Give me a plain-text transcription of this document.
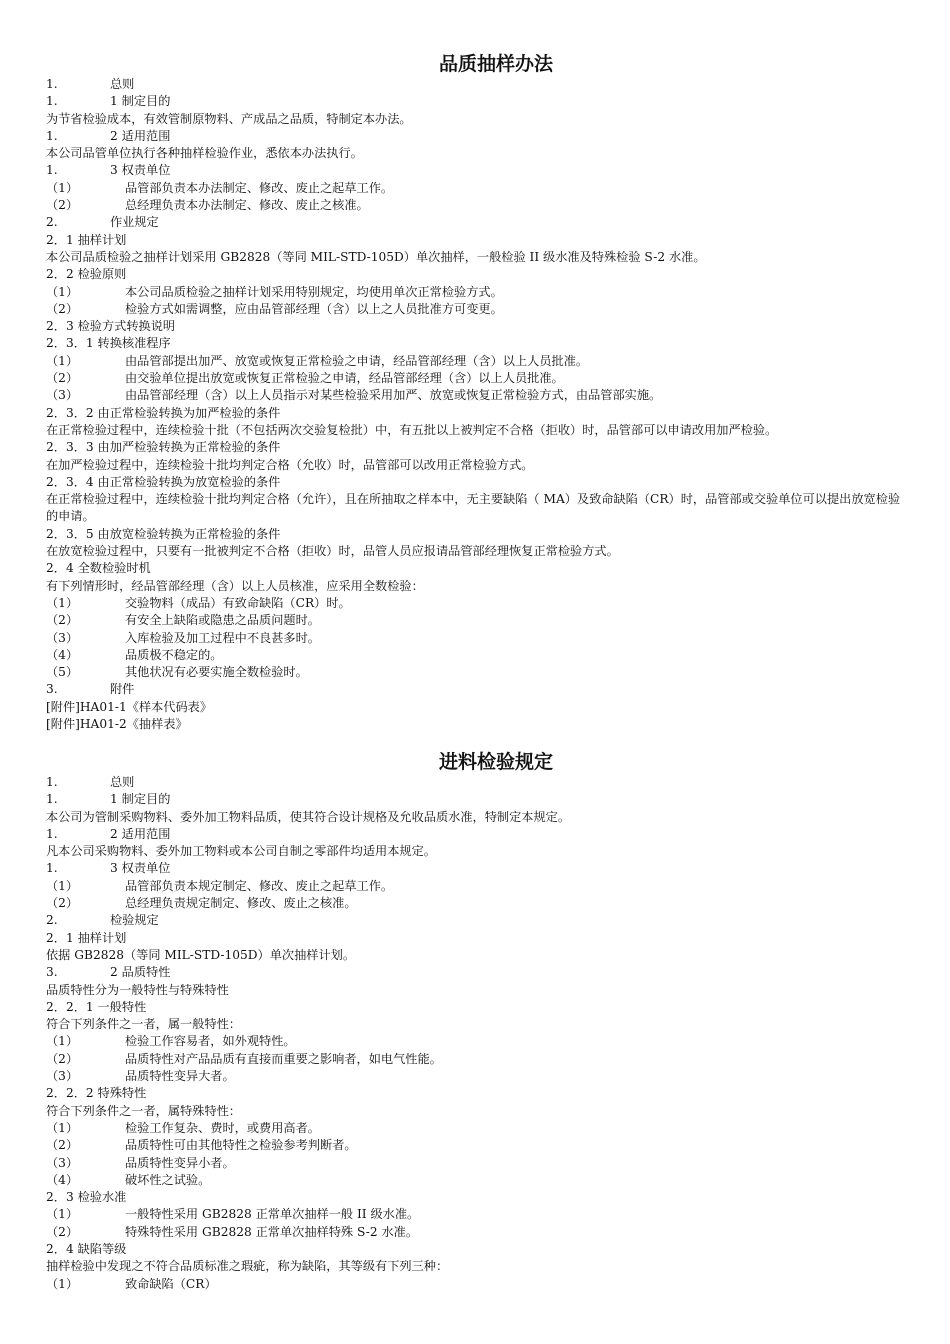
品质抽样办法
1.	总则
1.	1 制定目的
为节省检验成本，有效管制原物料、产成品之品质，特制定本办法。
1.	2 适用范围
本公司品管单位执行各种抽样检验作业，悉依本办法执行。
1.	3 权责单位
（1）	品管部负责本办法制定、修改、废止之起草工作。
（2）	总经理负责本办法制定、修改、废止之核准。
2.	作业规定
2．1 抽样计划
本公司品质检验之抽样计划采用 GB2828（等同 MIL-STD-105D）单次抽样，一般检验 II 级水准及特殊检验 S-2 水准。
2．2 检验原则
（1）	本公司品质检验之抽样计划采用特别规定，均使用单次正常检验方式。
（2）	检验方式如需调整，应由品管部经理（含）以上之人员批准方可变更。
2．3 检验方式转换说明
2．3．1 转换核准程序
（1）	由品管部提出加严、放宽或恢复正常检验之申请，经品管部经理（含）以上人员批准。
（2）	由交验单位提出放宽或恢复正常检验之申请，经品管部经理（含）以上人员批准。
（3）	由品管部经理（含）以上人员指示对某些检验采用加严、放宽或恢复正常检验方式，由品管部实施。
2．3．2 由正常检验转换为加严检验的条件
在正常检验过程中，连续检验十批（不包括两次交验复检批）中，有五批以上被判定不合格（拒收）时，品管部可以申请改用加严检验。
2．3．3 由加严检验转换为正常检验的条件
在加严检验过程中，连续检验十批均判定合格（允收）时，品管部可以改用正常检验方式。
2．3．4 由正常检验转换为放宽检验的条件
在正常检验过程中，连续检验十批均判定合格（允许），且在所抽取之样本中，无主要缺陷（ MA）及致命缺陷（CR）时，品管部或交验单位可以提出放宽检验的申请。
2．3．5 由放宽检验转换为正常检验的条件
在放宽检验过程中，只要有一批被判定不合格（拒收）时，品管人员应报请品管部经理恢复正常检验方式。
2．4 全数检验时机
有下列情形时，经品管部经理（含）以上人员核准，应采用全数检验：
（1）	交验物料（成品）有致命缺陷（CR）时。
（2）	有安全上缺陷或隐患之品质问题时。
（3）	入库检验及加工过程中不良甚多时。
（4）	品质极不稳定的。
（5）	其他状况有必要实施全数检验时。
3.	附件
[附件]HA01-1《样本代码表》
[附件]HA01-2《抽样表》
进料检验规定
1.	总则
1.	1 制定目的
本公司为管制采购物料、委外加工物料品质，使其符合设计规格及允收品质水准，特制定本规定。
1.	2 适用范围
凡本公司采购物料、委外加工物料或本公司自制之零部件均适用本规定。
1.	3 权责单位
（1）	品管部负责本规定制定、修改、废止之起草工作。
（2）	总经理负责规定制定、修改、废止之核准。
2.	检验规定
2．1 抽样计划
依据 GB2828（等同 MIL-STD-105D）单次抽样计划。
3.	2 品质特性
品质特性分为一般特性与特殊特性
2．2．1 一般特性
符合下列条件之一者，属一般特性：
（1）	检验工作容易者，如外观特性。
（2）	品质特性对产品品质有直接而重要之影响者，如电气性能。
（3）	品质特性变异大者。
2．2．2 特殊特性
符合下列条件之一者，属特殊特性：
（1）	检验工作复杂、费时，或费用高者。
（2）	品质特性可由其他特性之检验参考判断者。
（3）	品质特性变异小者。
（4）	破坏性之试验。
2．3 检验水准
（1）	一般特性采用 GB2828 正常单次抽样一般 II 级水准。
（2）	特殊特性采用 GB2828 正常单次抽样特殊 S-2 水准。
2．4 缺陷等级
抽样检验中发现之不符合品质标准之瑕疵，称为缺陷，其等级有下列三种：
（1）	致命缺陷（CR）
